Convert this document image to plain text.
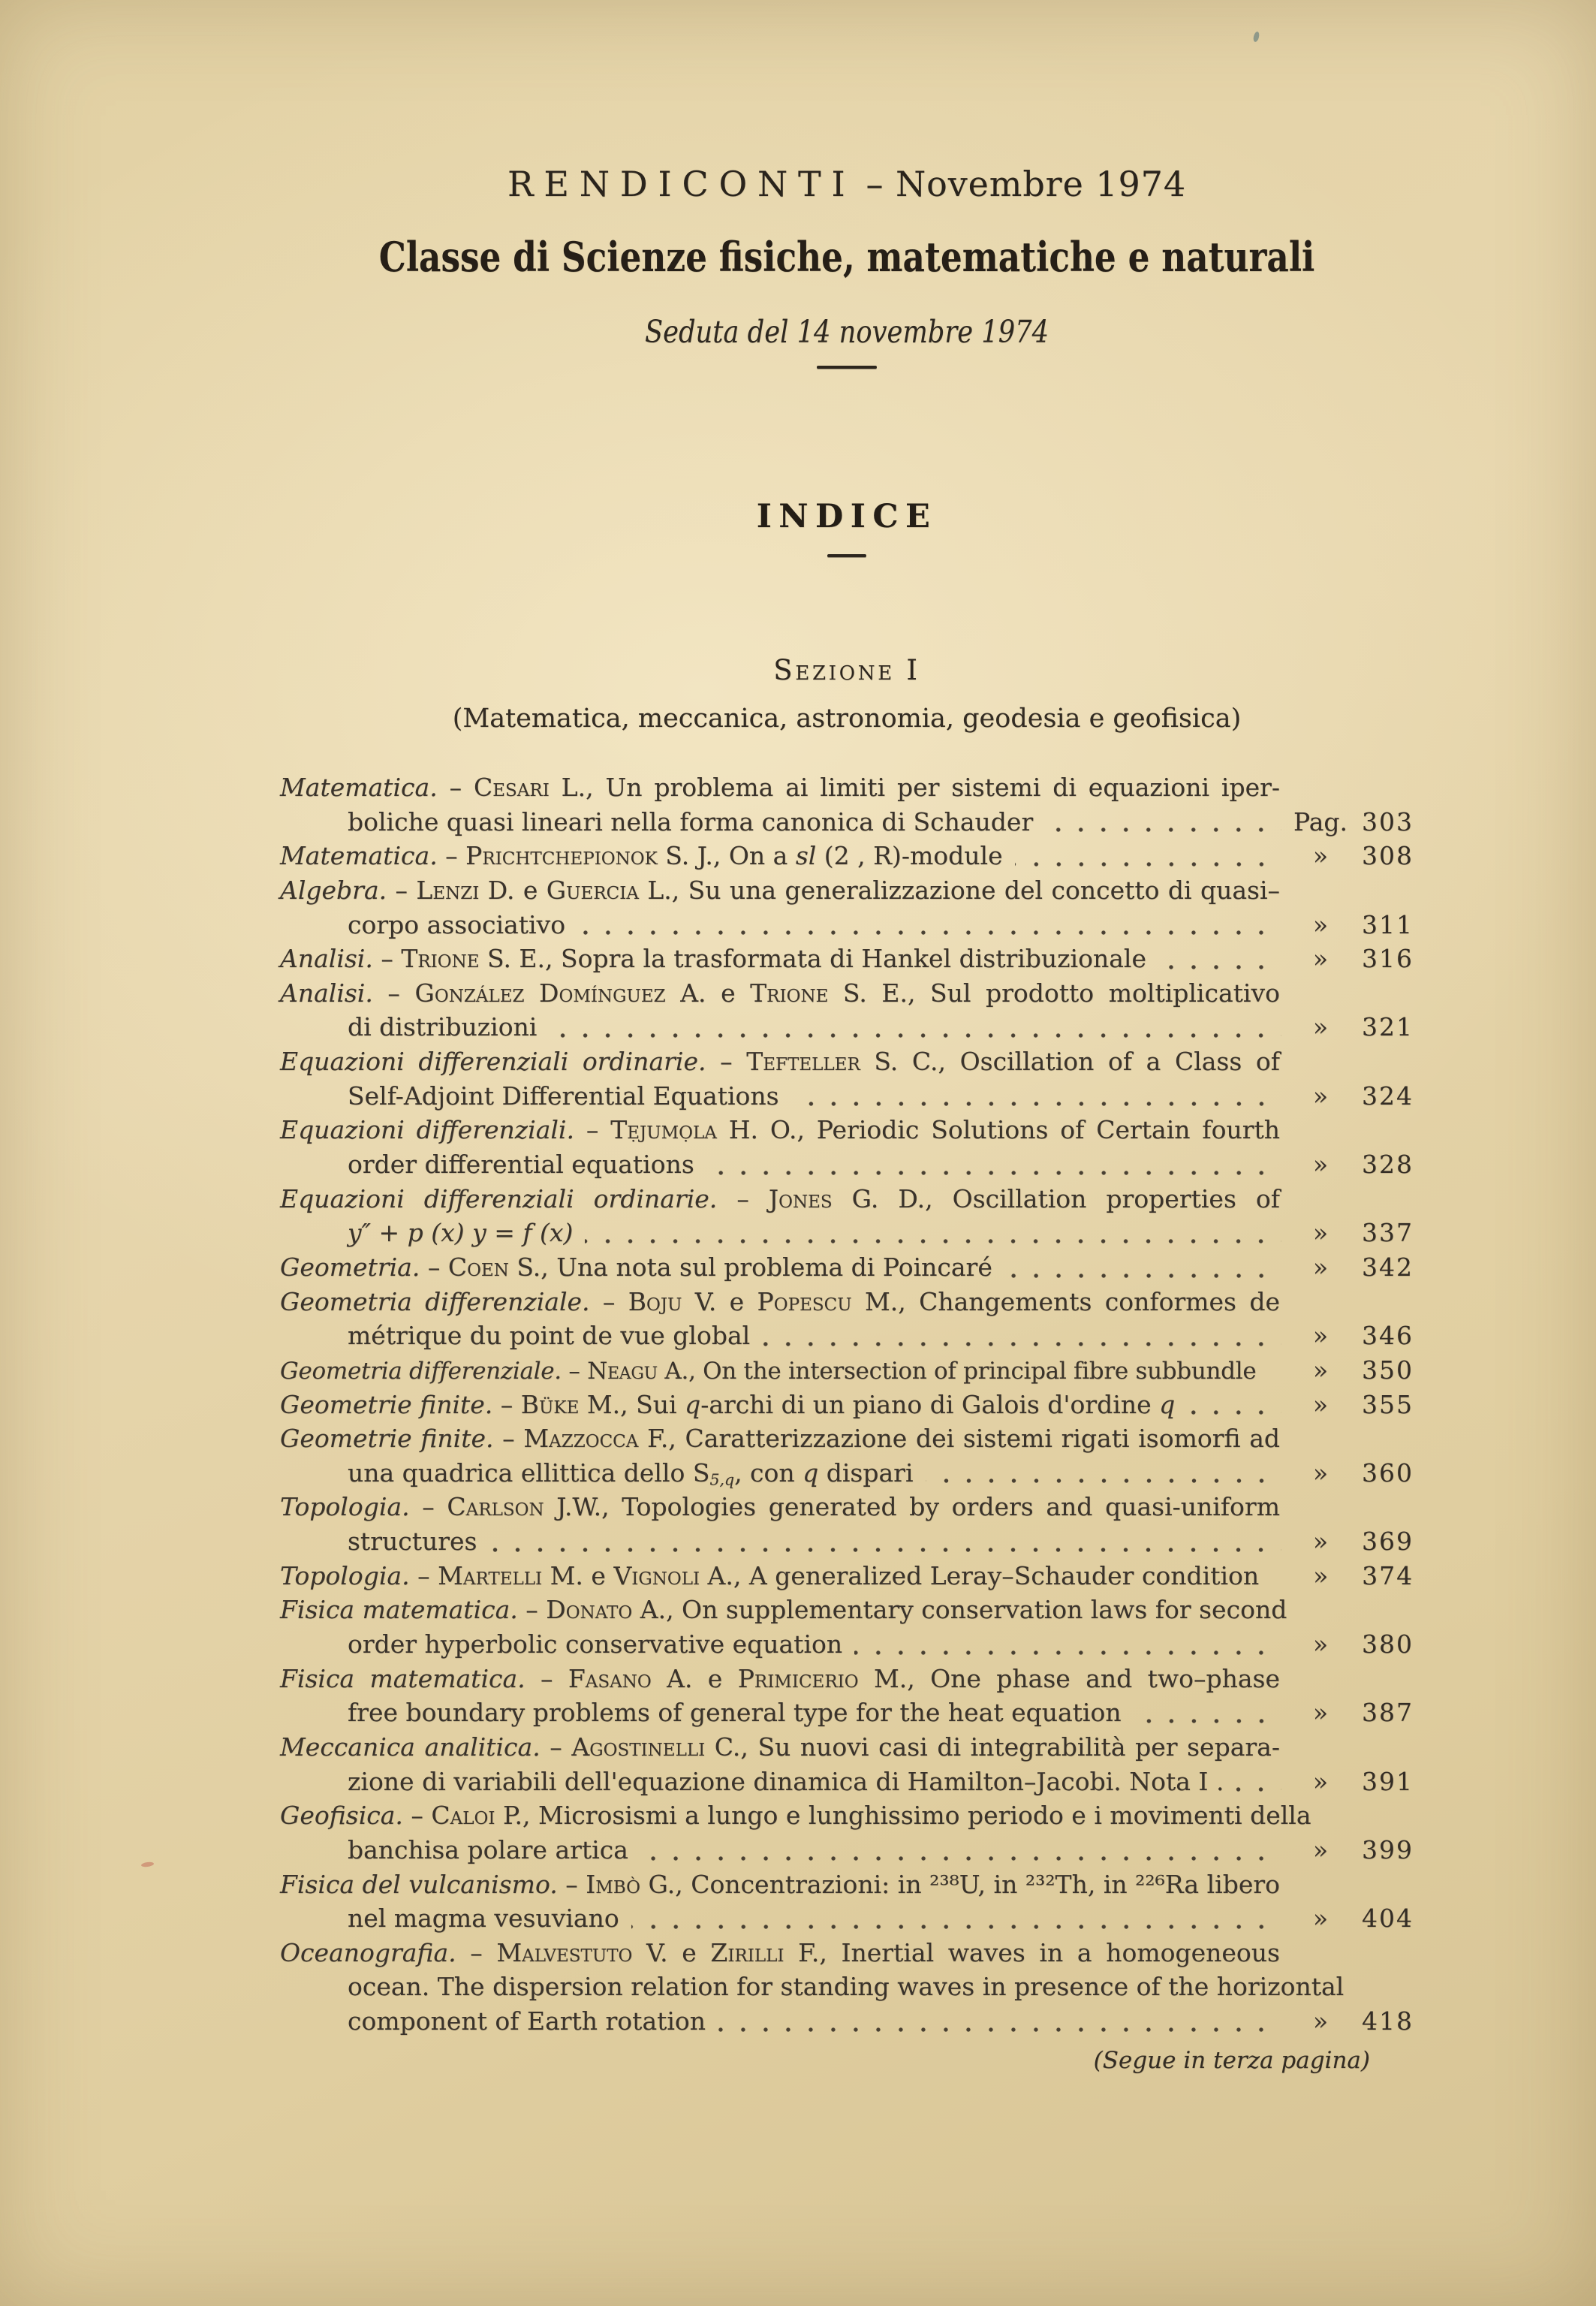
RENDICONTI – Novembre 1974
Classe di Scienze fisiche, matematiche e naturali
Seduta del 14 novembre 1974
INDICE
Sezione I
(Matematica, meccanica, astronomia, geodesia e geofisica)
Matematica. – Cesari L., Un problema ai limiti per sistemi di equazioni iper-
boliche quasi lineari nella forma canonica di Schauder	Pag. 303
Matematica. – Prichtchepionok S. J., On a sl (2 , R)-module	»	308
Algebra. – Lenzi D. e Guercia L., Su una generalizzazione del concetto di quasi–
corpo associativo	»	311
Analisi. – Trione S. E., Sopra la trasformata di Hankel distribuzionale	»	316
Analisi. – González Domínguez A. e Trione S. E., Sul prodotto moltiplicativo
di distribuzioni	»	321
Equazioni differenziali ordinarie. – Tefteller S. C., Oscillation of a Class of
Self-Adjoint Differential Equations	»	324
Equazioni differenziali. – Tẹjumọla H. O., Periodic Solutions of Certain fourth
order differential equations	»	328
Equazioni differenziali ordinarie. – Jones G. D., Oscillation properties of
y″ + p (x) y = f (x)	»	337
Geometria. – Coen S., Una nota sul problema di Poincaré	»	342
Geometria differenziale. – Boju V. e Popescu M., Changements conformes de
métrique du point de vue global	»	346
Geometria differenziale. – Neagu A., On the intersection of principal fibre subbundle	»	350
Geometrie finite. – Büke M., Sui q-archi di un piano di Galois d'ordine q	»	355
Geometrie finite. – Mazzocca F., Caratterizzazione dei sistemi rigati isomorfi ad
una quadrica ellittica dello S5,q, con q dispari	»	360
Topologia. – Carlson J.W., Topologies generated by orders and quasi-uniform
structures	»	369
Topologia. – Martelli M. e Vignoli A., A generalized Leray–Schauder condition	»	374
Fisica matematica. – Donato A., On supplementary conservation laws for second
order hyperbolic conservative equation	»	380
Fisica matematica. – Fasano A. e Primicerio M., One phase and two–phase
free boundary problems of general type for the heat equation	»	387
Meccanica analitica. – Agostinelli C., Su nuovi casi di integrabilità per separa-
zione di variabili dell'equazione dinamica di Hamilton–Jacobi. Nota I .	»	391
Geofisica. – Caloi P., Microsismi a lungo e lunghissimo periodo e i movimenti della
banchisa polare artica	»	399
Fisica del vulcanismo. – Imbò G., Concentrazioni: in ²³⁸U, in ²³²Th, in ²²⁶Ra libero
nel magma vesuviano	»	404
Oceanografia. – Malvestuto V. e Zirilli F., Inertial waves in a homogeneous
ocean. The dispersion relation for standing waves in presence of the horizontal
component of Earth rotation	»	418
(Segue in terza pagina)
